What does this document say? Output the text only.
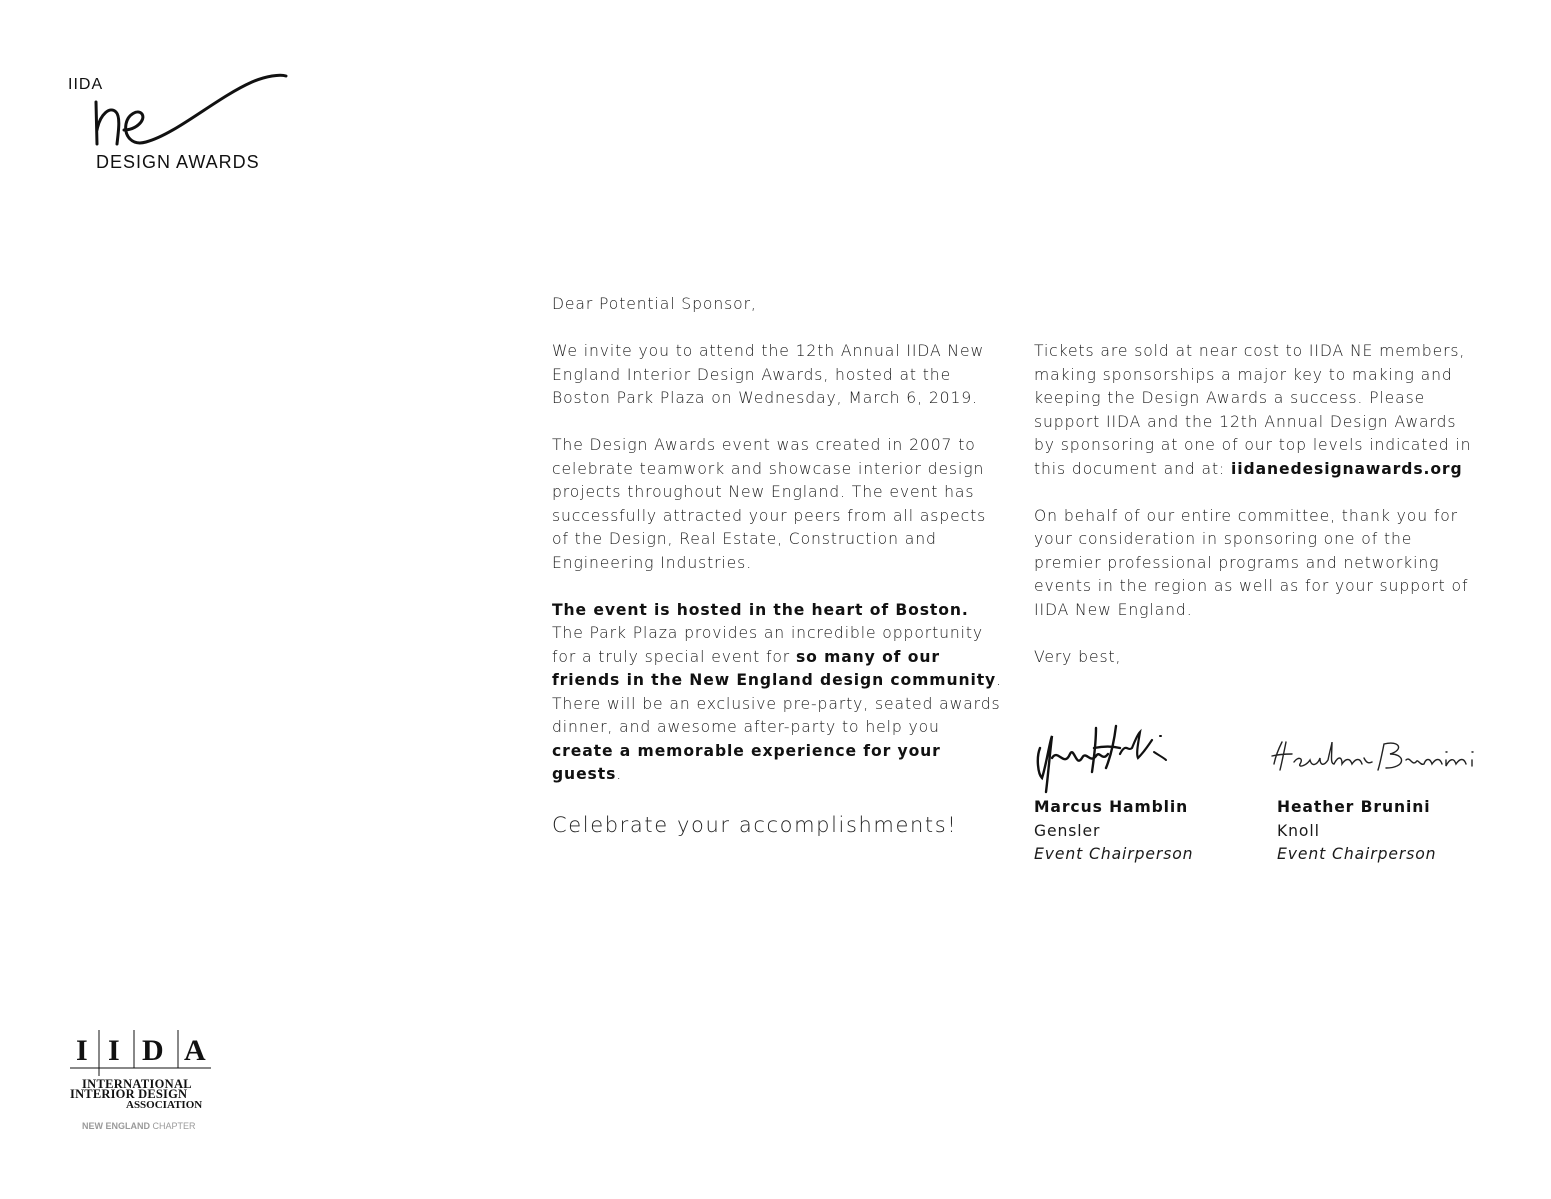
IIDA
DESIGN AWARDS

Dear Potential Sponsor,

We invite you to attend the 12th Annual IIDA New England Interior Design Awards, hosted at the Boston Park Plaza on Wednesday, March 6, 2019.

The Design Awards event was created in 2007 to celebrate teamwork and showcase interior design projects throughout New England. The event has successfully attracted your peers from all aspects of the Design, Real Estate, Construction and Engineering Industries.

The event is hosted in the heart of Boston. The Park Plaza provides an incredible opportunity for a truly special event for so many of our friends in the New England design community. There will be an exclusive pre-party, seated awards dinner, and awesome after-party to help you create a memorable experience for your guests.

Celebrate your accomplishments!

Tickets are sold at near cost to IIDA NE members, making sponsorships a major key to making and keeping the Design Awards a success. Please support IIDA and the 12th Annual Design Awards by sponsoring at one of our top levels indicated in this document and at: iidanedesignawards.org

On behalf of our entire committee, thank you for your consideration in sponsoring one of the premier professional programs and networking events in the region as well as for your support of IIDA New England.

Very best,

Marcus Hamblin
Gensler
Event Chairperson
Heather Brunini
Knoll
Event Chairperson
I I D A
INTERNATIONAL
INTERIOR DESIGN
ASSOCIATION
NEW ENGLAND CHAPTER
